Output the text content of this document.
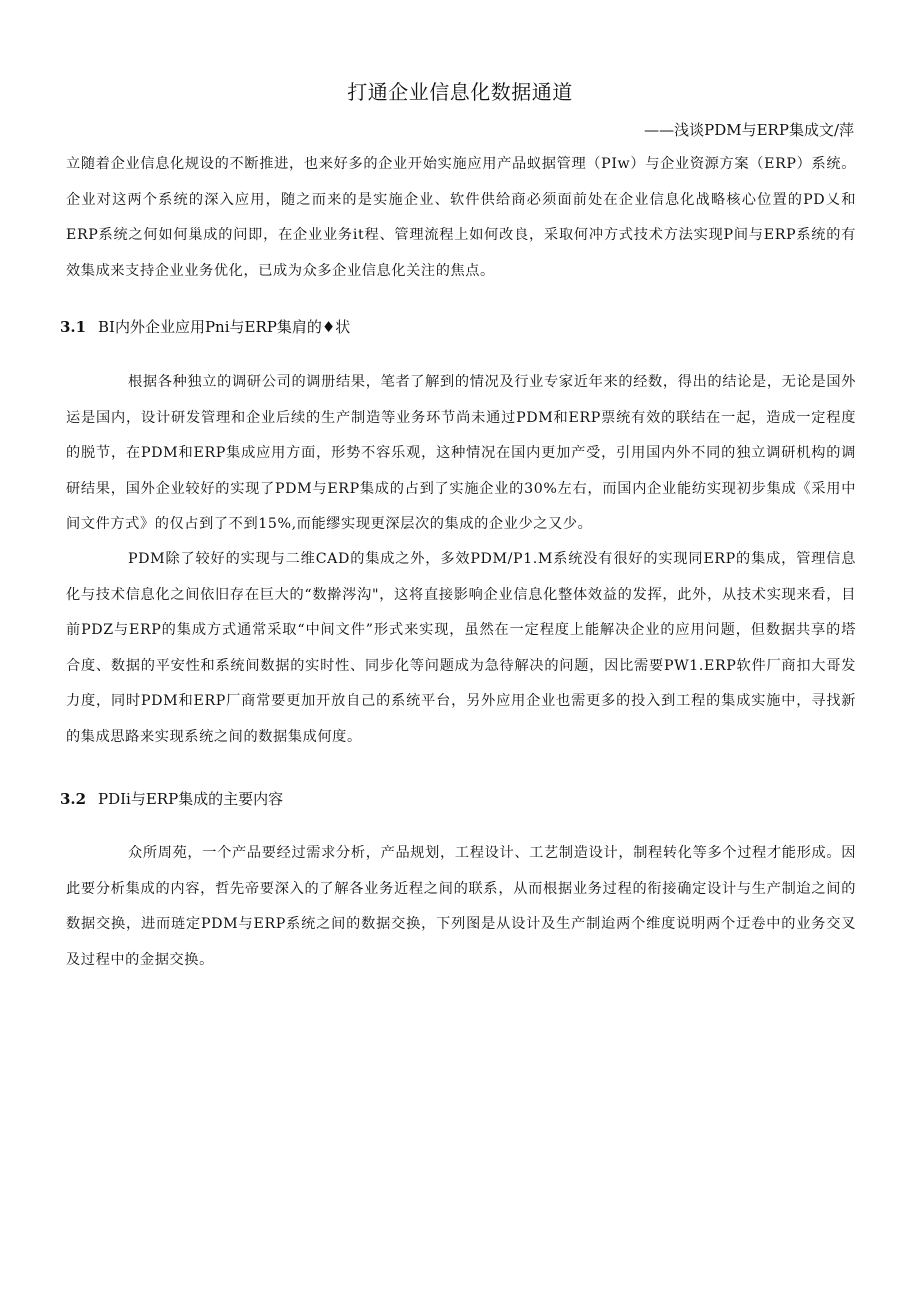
打通企业信息化数据通道
——浅谈PDM与ERP集成文/萍

立随着企业信息化规设的不断推进，也来好多的企业开始实施应用产品蚁据管理（PIw）与企业资源方案（ERP）系统。企业对这两个系统的深入应用，随之而来的是实施企业、软件供给商必须面前处在企业信息化战略核心位置的PD乂和ERP系统之何如何巢成的问即，在企业业务it程、管理流程上如何改良，采取何冲方式技术方法实现P间与ERP系统的有效集成来支持企业业务优化，已成为众多企业信息化关注的焦点。

3.1 BI内外企业应用Pni与ERP集肩的♦状

根据各种独立的调研公司的调册结果，笔者了解到的情况及行业专家近年来的经数，得出的结论是，无论是国外运是国内，设计研发管理和企业后续的生产制造等业务环节尚未通过PDM和ERP票统有效的联结在一起，造成一定程度的脱节，在PDM和ERP集成应用方面，形势不容乐观，这种情况在国内更加产受，引用国内外不同的独立调研机构的调研结果，国外企业较好的实现了PDM与ERP集成的占到了实施企业的30%左右，而国内企业能纺实现初步集成《采用中间文件方式》的仅占到了不到15%,而能缪实现更深层次的集成的企业少之又少。

PDM除了较好的实现与二维CAD的集成之外，多效PDM/P1.M系统没有很好的实现同ERP的集成，管理信息化与技术信息化之间依旧存在巨大的“数擀涔沟"，这将直接影响企业信息化整体效益的发挥，此外，从技术实现来看，目前PDZ与ERP的集成方式通常采取“中间文件”形式来实现，虽然在一定程度上能解决企业的应用问题，但数据共享的塔合度、数据的平安性和系统间数据的实时性、同步化等问题成为急待解决的问题，因比需要PW1.ERP软件厂商扣大哥发力度，同时PDM和ERP厂商常要更加开放自己的系统平台，另外应用企业也需更多的投入到工程的集成实施中，寻找新的集成思路来实现系统之间的数据集成何度。

3.2 PDIi与ERP集成的主要内容

众所周苑，一个产品要经过需求分析，产品规划，工程设计、工艺制造设计，制程转化等多个过程才能形成。因此要分析集成的内容，哲先帝要深入的了解各业务近程之间的联系，从而根据业务过程的衔接确定设计与生产制迨之间的数据交换，进而琏定PDM与ERP系统之间的数据交换，下列图是从设计及生产制迨两个维度说明两个迂卷中的业务交叉及过程中的金据交换。
